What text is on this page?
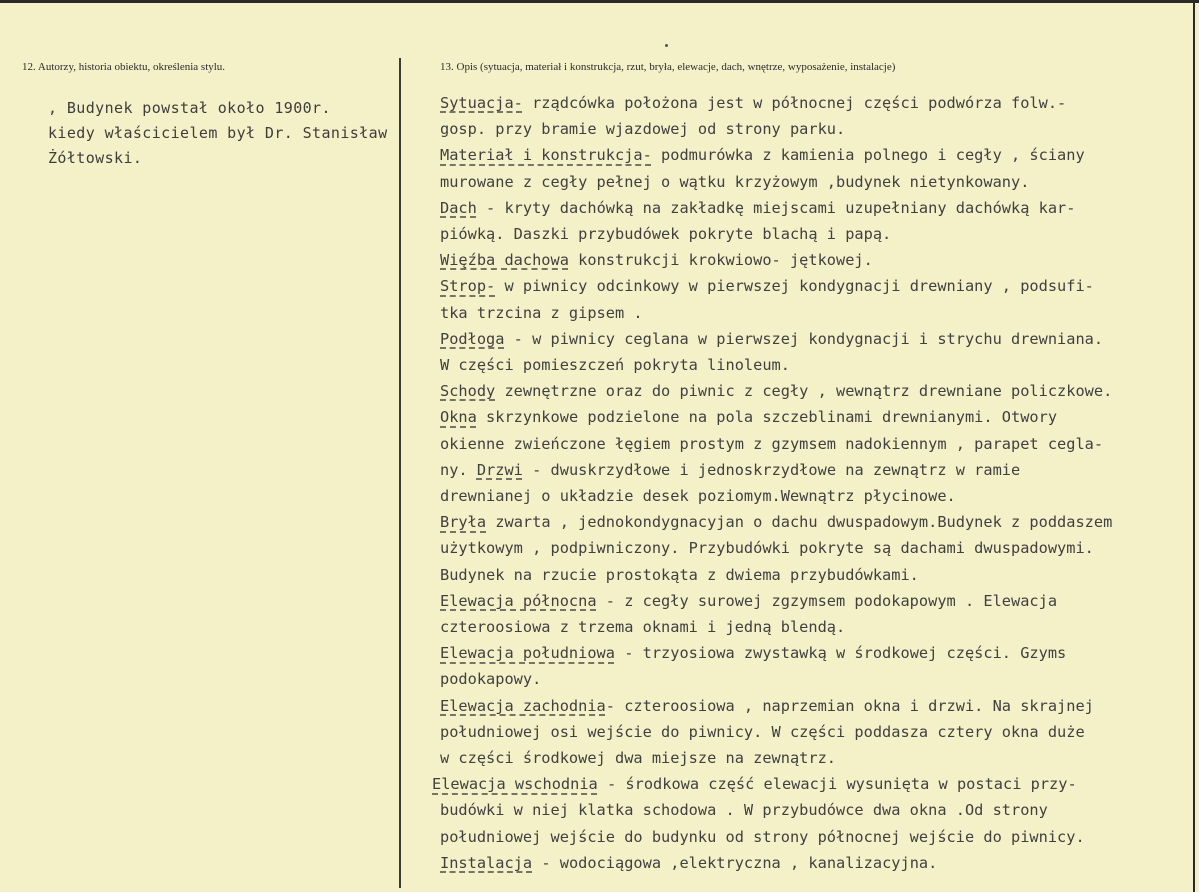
12. Autorzy, historia obiektu, określenia stylu.	13. Opis (sytuacja, materiał i konstrukcja, rzut, bryła, elewacje, dach, wnętrze, wyposażenie, instalacje)
, Budynek powstał około 1900r.
kiedy właścicielem był Dr. Stanisław
Żółtowski.
Sytuacja- rządcówka położona jest w północnej części podwórza folw.-
gosp. przy bramie wjazdowej od strony parku.
Materiał i konstrukcja- podmurówka z kamienia polnego i cegły , ściany
murowane z cegły pełnej o wątku krzyżowym ,budynek nietynkowany.
Dach - kryty dachówką na zakładkę miejscami uzupełniany dachówką kar-
piówką. Daszki przybudówek pokryte blachą i papą.
Więźba dachowa konstrukcji krokwiowo- jętkowej.
Strop- w piwnicy odcinkowy w pierwszej kondygnacji drewniany , podsufi-
tka trzcina z gipsem .
Podłoga - w piwnicy ceglana w pierwszej kondygnacji i strychu drewniana.
W części pomieszczeń pokryta linoleum.
Schody zewnętrzne oraz do piwnic z cegły , wewnątrz drewniane policzkowe.
Okna skrzynkowe podzielone na pola szczeblinami drewnianymi. Otwory
okienne zwieńczone łęgiem prostym z gzymsem nadokiennym , parapet cegla-
ny. Drzwi - dwuskrzydłowe i jednoskrzydłowe na zewnątrz w ramie
drewnianej o układzie desek poziomym.Wewnątrz płycinowe.
Bryła zwarta , jednokondygnacyjan o dachu dwuspadowym.Budynek z poddaszem
użytkowym , podpiwniczony. Przybudówki pokryte są dachami dwuspadowymi.
Budynek na rzucie prostokąta z dwiema przybudówkami.
Elewacja północna - z cegły surowej zgzymsem podokapowym . Elewacja
czteroosiowa z trzema oknami i jedną blendą.
Elewacja południowa - trzyosiowa zwystawką w środkowej części. Gzyms
podokapowy.
Elewacja zachodnia- czteroosiowa , naprzemian okna i drzwi. Na skrajnej
południowej osi wejście do piwnicy. W części poddasza cztery okna duże
w części środkowej dwa miejsze na zewnątrz.
Elewacja wschodnia - środkowa część elewacji wysunięta w postaci przy-
budówki w niej klatka schodowa . W przybudówce dwa okna .Od strony
południowej wejście do budynku od strony północnej wejście do piwnicy.
Instalacja - wodociągowa ,elektryczna , kanalizacyjna.
